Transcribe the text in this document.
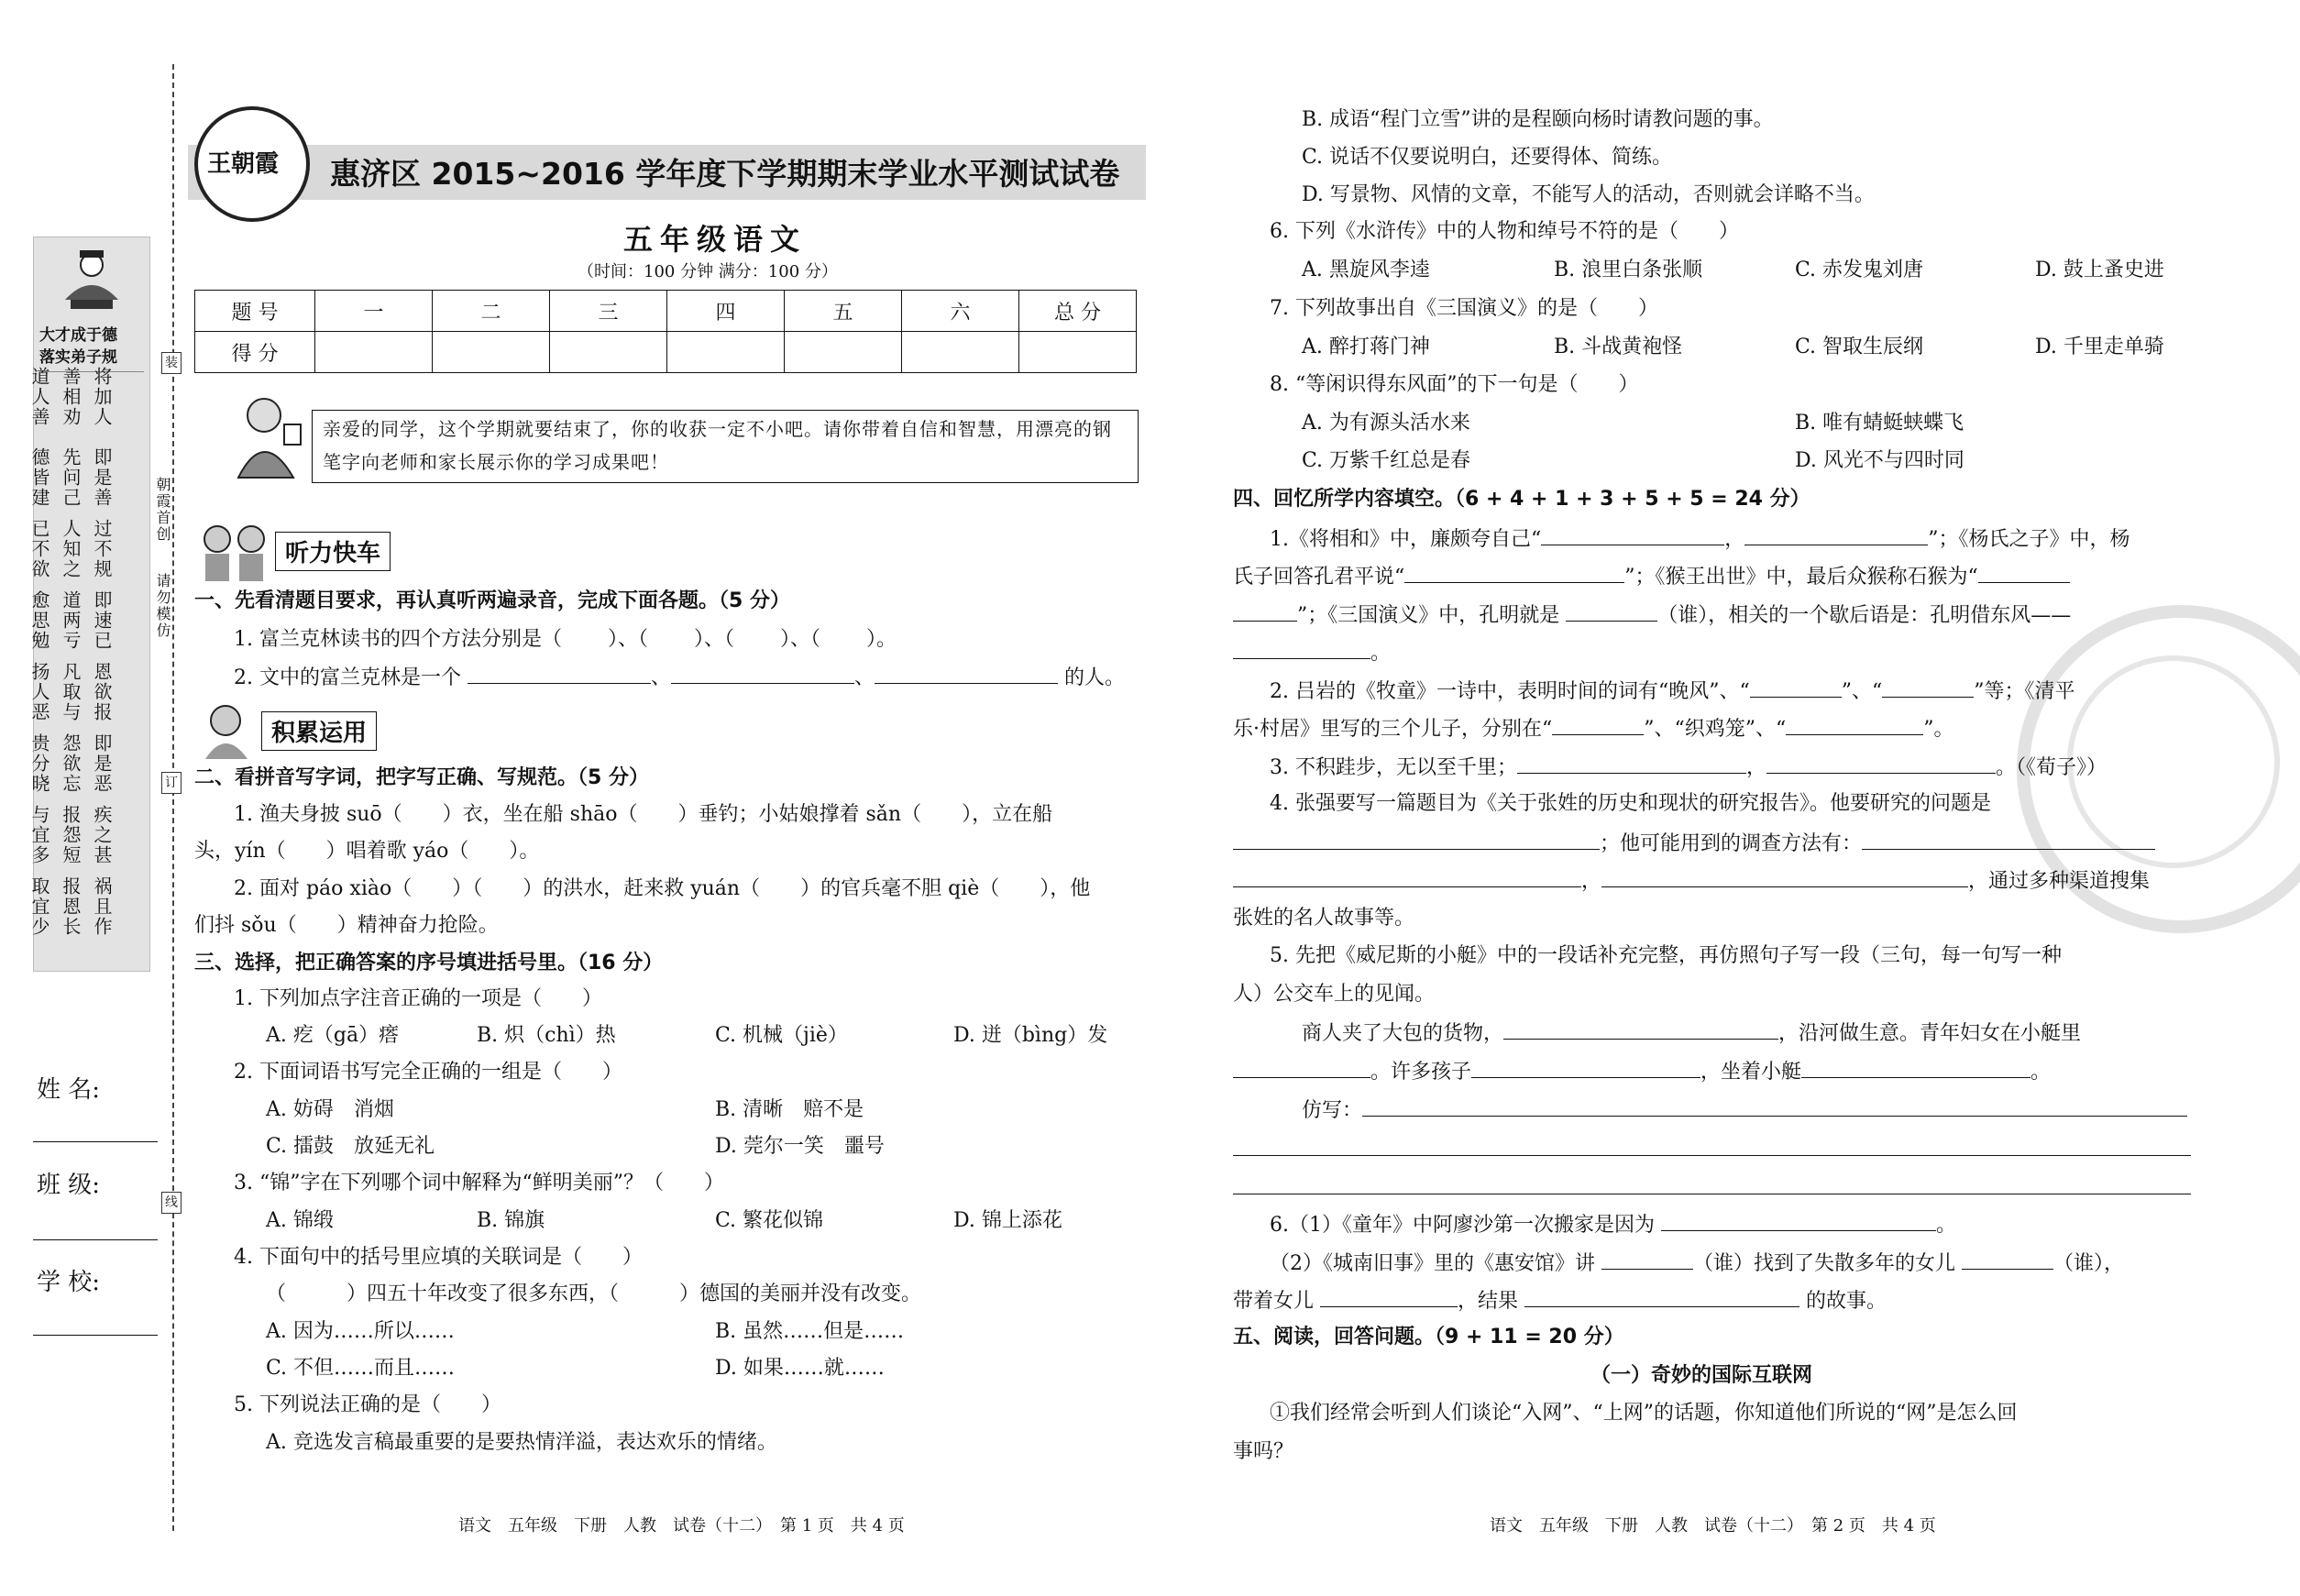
大才成于德
落实弟子规
将加人
善相劝
道人善
即是善
先问己
德皆建
过不规
人知之
已不欲
即速已
道两亏
愈思勉
恩欲报
凡取与
扬人恶
即是恶
怨欲忘
贵分晓
疾之甚
报怨短
与宜多
祸且作
报恩长
取宜少
朝霞首创
请勿模仿
装
订
线
姓 名:
班 级:
学 校:
王朝霞 惠济区 2015~2016 学年度下学期期末学业水平测试试卷
五年级语文
（时间：100 分钟 满分：100 分）
题 号	一	二	三	四	五	六	总 分
得 分							
亲爱的同学，这个学期就要结束了，你的收获一定不小吧。请你带着自信和智慧，用漂亮的钢笔字向老师和家长展示你的学习成果吧！
听力快车
一、先看清题目要求，再认真听两遍录音，完成下面各题。（5 分）
1. 富兰克林读书的四个方法分别是（ ）、（ ）、（ ）、（ ）。
2. 文中的富兰克林是一个	、	、	的人。
积累运用
二、看拼音写字词，把字写正确、写规范。（5 分）
1. 渔夫身披 suō（　　）衣，坐在船 shāo（　　）垂钓；小姑娘撑着 sǎn（　　），立在船
头，yín（　　）唱着歌 yáo（　　）。
2. 面对 páo xiào（　　）（　　）的洪水，赶来救 yuán（　　）的官兵毫不胆 qiè（　　），他
们抖 sǒu（　　）精神奋力抢险。
三、选择，把正确答案的序号填进括号里。（16 分）
1. 下列加点字注音正确的一项是（　　）
A. 疙（gā）瘩	B. 炽（chì）热	C. 机械（jiè）	D. 迸（bìng）发
2. 下面词语书写完全正确的一组是（　　）
A. 妨碍　消烟	B. 清晰　赔不是
C. 擂鼓　放延无礼	D. 莞尔一笑　噩号
3. “锦”字在下列哪个词中解释为“鲜明美丽”？（　　）
A. 锦缎	B. 锦旗	C. 繁花似锦	D. 锦上添花
4. 下面句中的括号里应填的关联词是（　　）
（　　　）四五十年改变了很多东西，（　　　）德国的美丽并没有改变。
A. 因为……所以……	B. 虽然……但是……
C. 不但……而且……	D. 如果……就……
5. 下列说法正确的是（　　）
A. 竞选发言稿最重要的是要热情洋溢，表达欢乐的情绪。
语文　五年级　下册　人教　试卷（十二）　第 1 页　共 4 页
B. 成语“程门立雪”讲的是程颐向杨时请教问题的事。
C. 说话不仅要说明白，还要得体、简练。
D. 写景物、风情的文章，不能写人的活动，否则就会详略不当。
6. 下列《水浒传》中的人物和绰号不符的是（　　）
A. 黑旋风李逵	B. 浪里白条张顺	C. 赤发鬼刘唐	D. 鼓上蚤史进
7. 下列故事出自《三国演义》的是（　　）
A. 醉打蒋门神	B. 斗战黄袍怪	C. 智取生辰纲	D. 千里走单骑
8. “等闲识得东风面”的下一句是（　　）
A. 为有源头活水来	B. 唯有蜻蜓蛱蝶飞
C. 万紫千红总是春	D. 风光不与四时同
四、回忆所学内容填空。（6 + 4 + 1 + 3 + 5 + 5 = 24 分）
1.《将相和》中，廉颇夸自己“	，	”；《杨氏之子》中，杨
氏子回答孔君平说“	”；《猴王出世》中，最后众猴称石猴为“
”；《三国演义》中，孔明就是	（谁），相关的一个歇后语是：孔明借东风——
。
2. 吕岩的《牧童》一诗中，表明时间的词有“晚风”、“	”、“	”等；《清平
乐·村居》里写的三个儿子，分别在“	”、“织鸡笼”、“	”。
3. 不积跬步，无以至千里；	，	。（《荀子》）
4. 张强要写一篇题目为《关于张姓的历史和现状的研究报告》。他要研究的问题是
；他可能用到的调查方法有：
，	，通过多种渠道搜集
张姓的名人故事等。
5. 先把《威尼斯的小艇》中的一段话补充完整，再仿照句子写一段（三句，每一句写一种
人）公交车上的见闻。
商人夹了大包的货物，	，沿河做生意。青年妇女在小艇里
。许多孩子	，坐着小艇	。
仿写：
6.（1）《童年》中阿廖沙第一次搬家是因为	。
（2）《城南旧事》里的《惠安馆》讲	（谁）找到了失散多年的女儿	（谁），
带着女儿	，结果	的故事。
五、阅读，回答问题。（9 + 11 = 20 分）
（一）奇妙的国际互联网
①我们经常会听到人们谈论“入网”、“上网”的话题，你知道他们所说的“网”是怎么回
事吗？
语文　五年级　下册　人教　试卷（十二）　第 2 页　共 4 页
